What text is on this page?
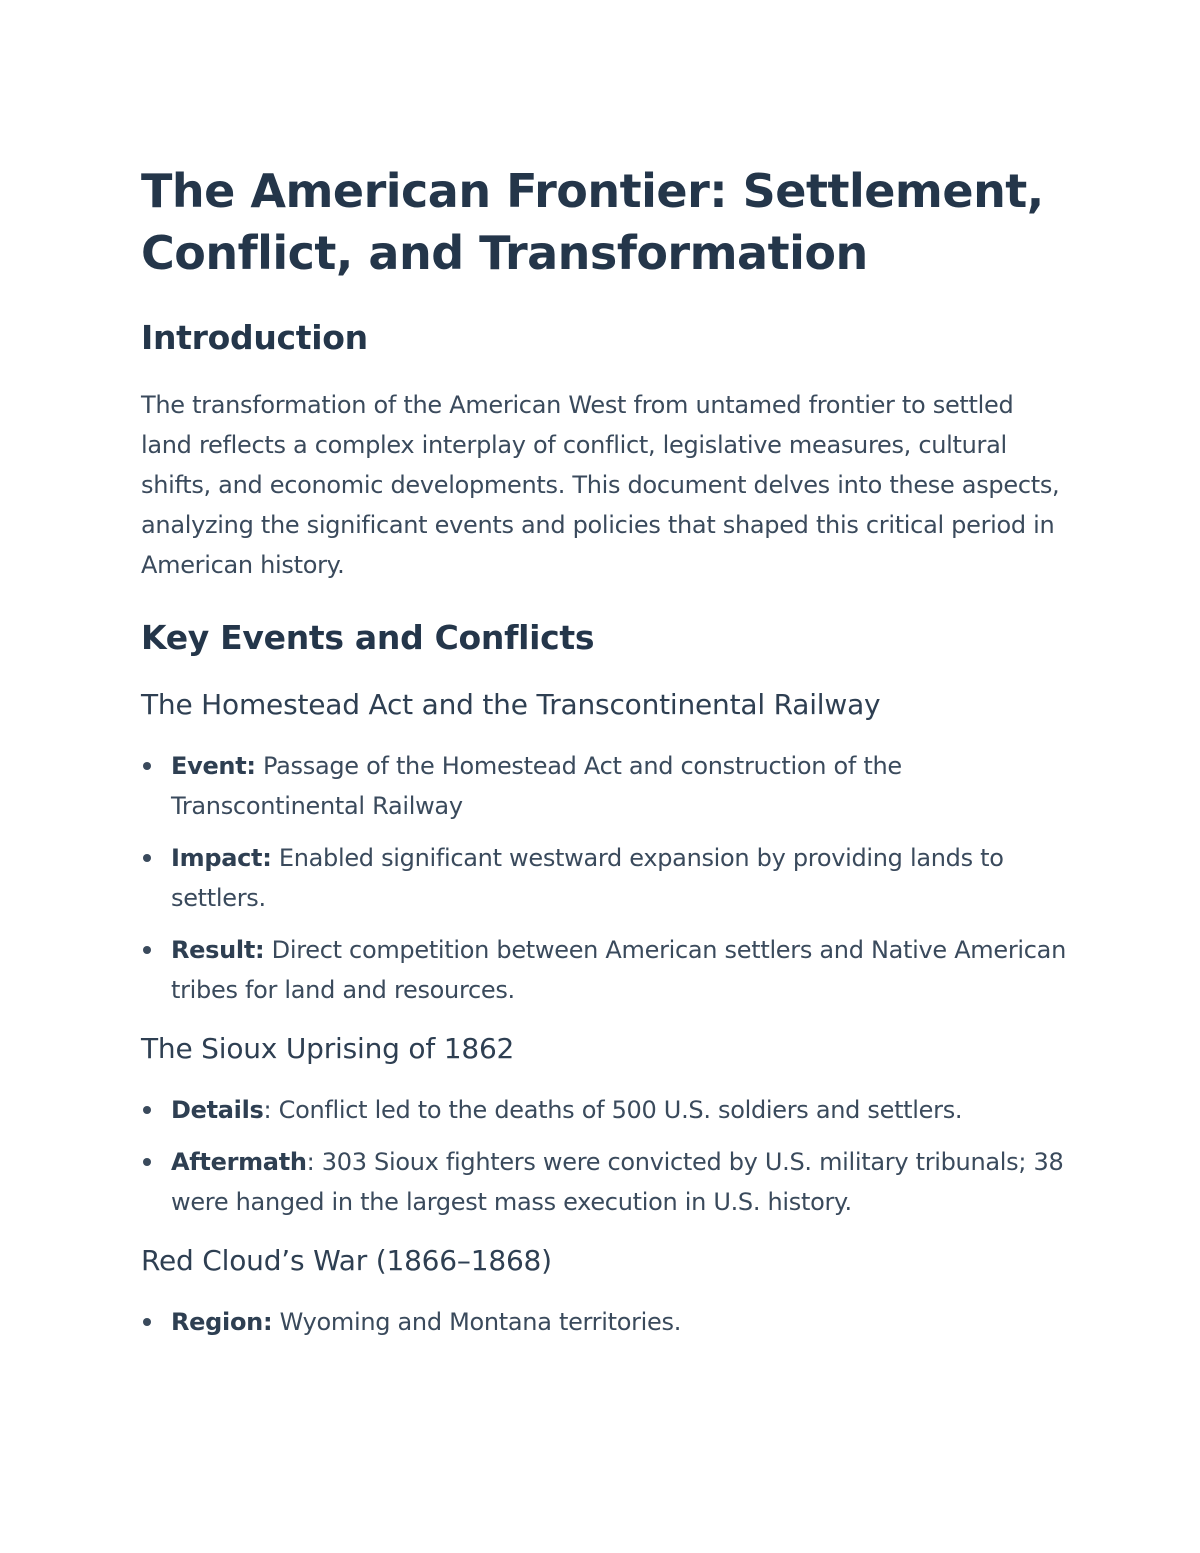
The American Frontier: Settlement, Conflict, and Transformation
Introduction

The transformation of the American West from untamed frontier to settled land reflects a complex interplay of conflict, legislative measures, cultural shifts, and economic developments. This document delves into these aspects, analyzing the significant events and policies that shaped this critical period in American history.

Key Events and Conflicts
The Homestead Act and the Transcontinental Railway
Event: Passage of the Homestead Act and construction of the Transcontinental Railway
Impact: Enabled significant westward expansion by providing lands to settlers.
Result: Direct competition between American settlers and Native American tribes for land and resources.
The Sioux Uprising of 1862
Details: Conflict led to the deaths of 500 U.S. soldiers and settlers.
Aftermath: 303 Sioux fighters were convicted by U.S. military tribunals; 38 were hanged in the largest mass execution in U.S. history.
Red Cloud’s War (1866–1868)
Region: Wyoming and Montana territories.
